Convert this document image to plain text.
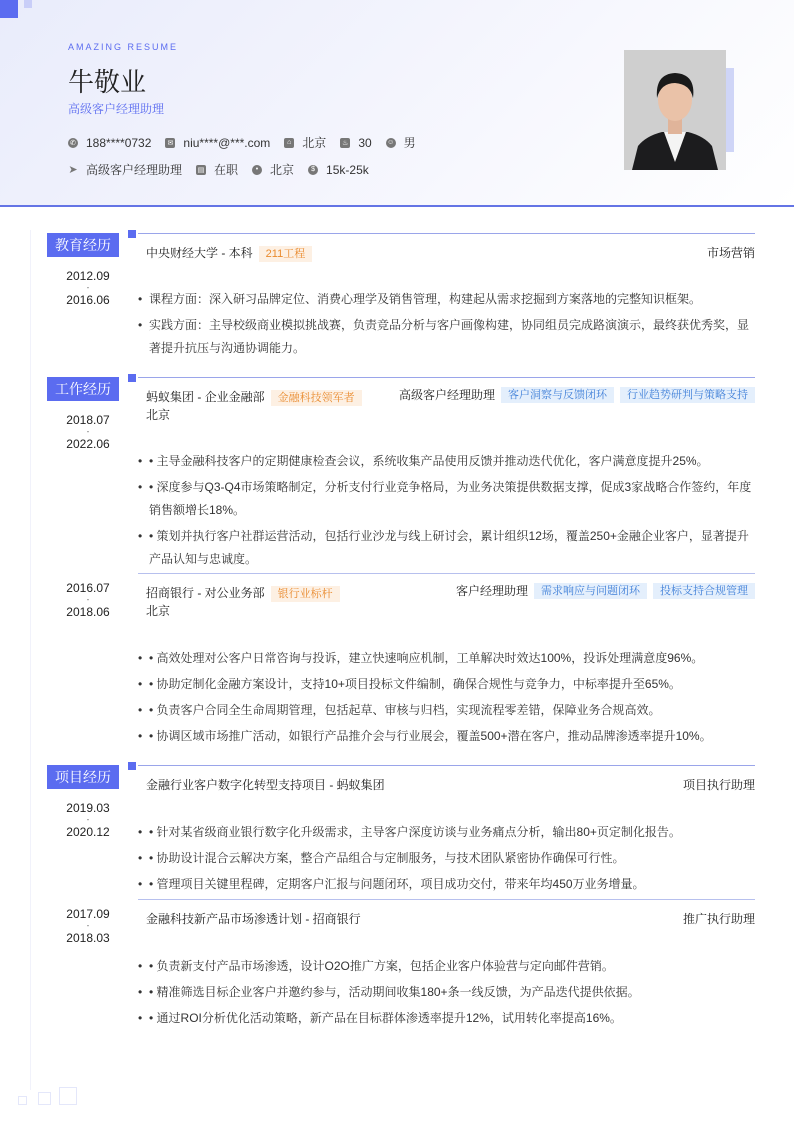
AMAZING RESUME
牛敬业
高级客户经理助理
✆ 188****0732 ✉ niu****@***.com	⌂ 北京 ♨ 30 ☺ 男
➤ 高级客户经理助理 ▤ 在职	• 北京	$ 15k-25k
教育经历	中央财经大学 - 本科 211工程	市场营销
2012.09
-
2016.06	• 课程方面：深入研习品牌定位、消费心理学及销售管理，构建起从需求挖掘到方案落地的完整知识框架。
• 实践方面：主导校级商业模拟挑战赛，负责竞品分析与客户画像构建，协同组员完成路演演示，最终获优秀奖，显著提升抗压与沟通协调能力。
工作经历	蚂蚁集团 - 企业金融部 金融科技领军者	高级客户经理助理	客户洞察与反馈闭环	行业趋势研判与策略支持
北京
2018.07
-
2022.06
• • 主导金融科技客户的定期健康检查会议，系统收集产品使用反馈并推动迭代优化，客户满意度提升25%。
• • 深度参与Q3-Q4市场策略制定，分析支付行业竞争格局，为业务决策提供数据支撑，促成3家战略合作签约，年度销售额增长18%。
• • 策划并执行客户社群运营活动，包括行业沙龙与线上研讨会，累计组织12场，覆盖250+金融企业客户，显著提升产品认知与忠诚度。
招商银行 - 对公业务部 银行业标杆	客户经理助理	需求响应与问题闭环	投标支持合规管理
北京
2016.07
-
2018.06
• • 高效处理对公客户日常咨询与投诉，建立快速响应机制，工单解决时效达100%，投诉处理满意度96%。
• • 协助定制化金融方案设计，支持10+项目投标文件编制，确保合规性与竞争力，中标率提升至65%。
• • 负责客户合同全生命周期管理，包括起草、审核与归档，实现流程零差错，保障业务合规高效。
• • 协调区域市场推广活动，如银行产品推介会与行业展会，覆盖500+潜在客户，推动品牌渗透率提升10%。
项目经历	金融行业客户数字化转型支持项目 - 蚂蚁集团	项目执行助理
2019.03
-
2020.12	• • 针对某省级商业银行数字化升级需求，主导客户深度访谈与业务痛点分析，输出80+页定制化报告。
• • 协助设计混合云解决方案，整合产品组合与定制服务，与技术团队紧密协作确保可行性。
• • 管理项目关键里程碑，定期客户汇报与问题闭环，项目成功交付，带来年均450万业务增量。
金融科技新产品市场渗透计划 - 招商银行	推广执行助理
2017.09
-
2018.03
• • 负责新支付产品市场渗透，设计O2O推广方案，包括企业客户体验营与定向邮件营销。
• • 精准筛选目标企业客户并邀约参与，活动期间收集180+条一线反馈，为产品迭代提供依据。
• • 通过ROI分析优化活动策略，新产品在目标群体渗透率提升12%，试用转化率提高16%。
